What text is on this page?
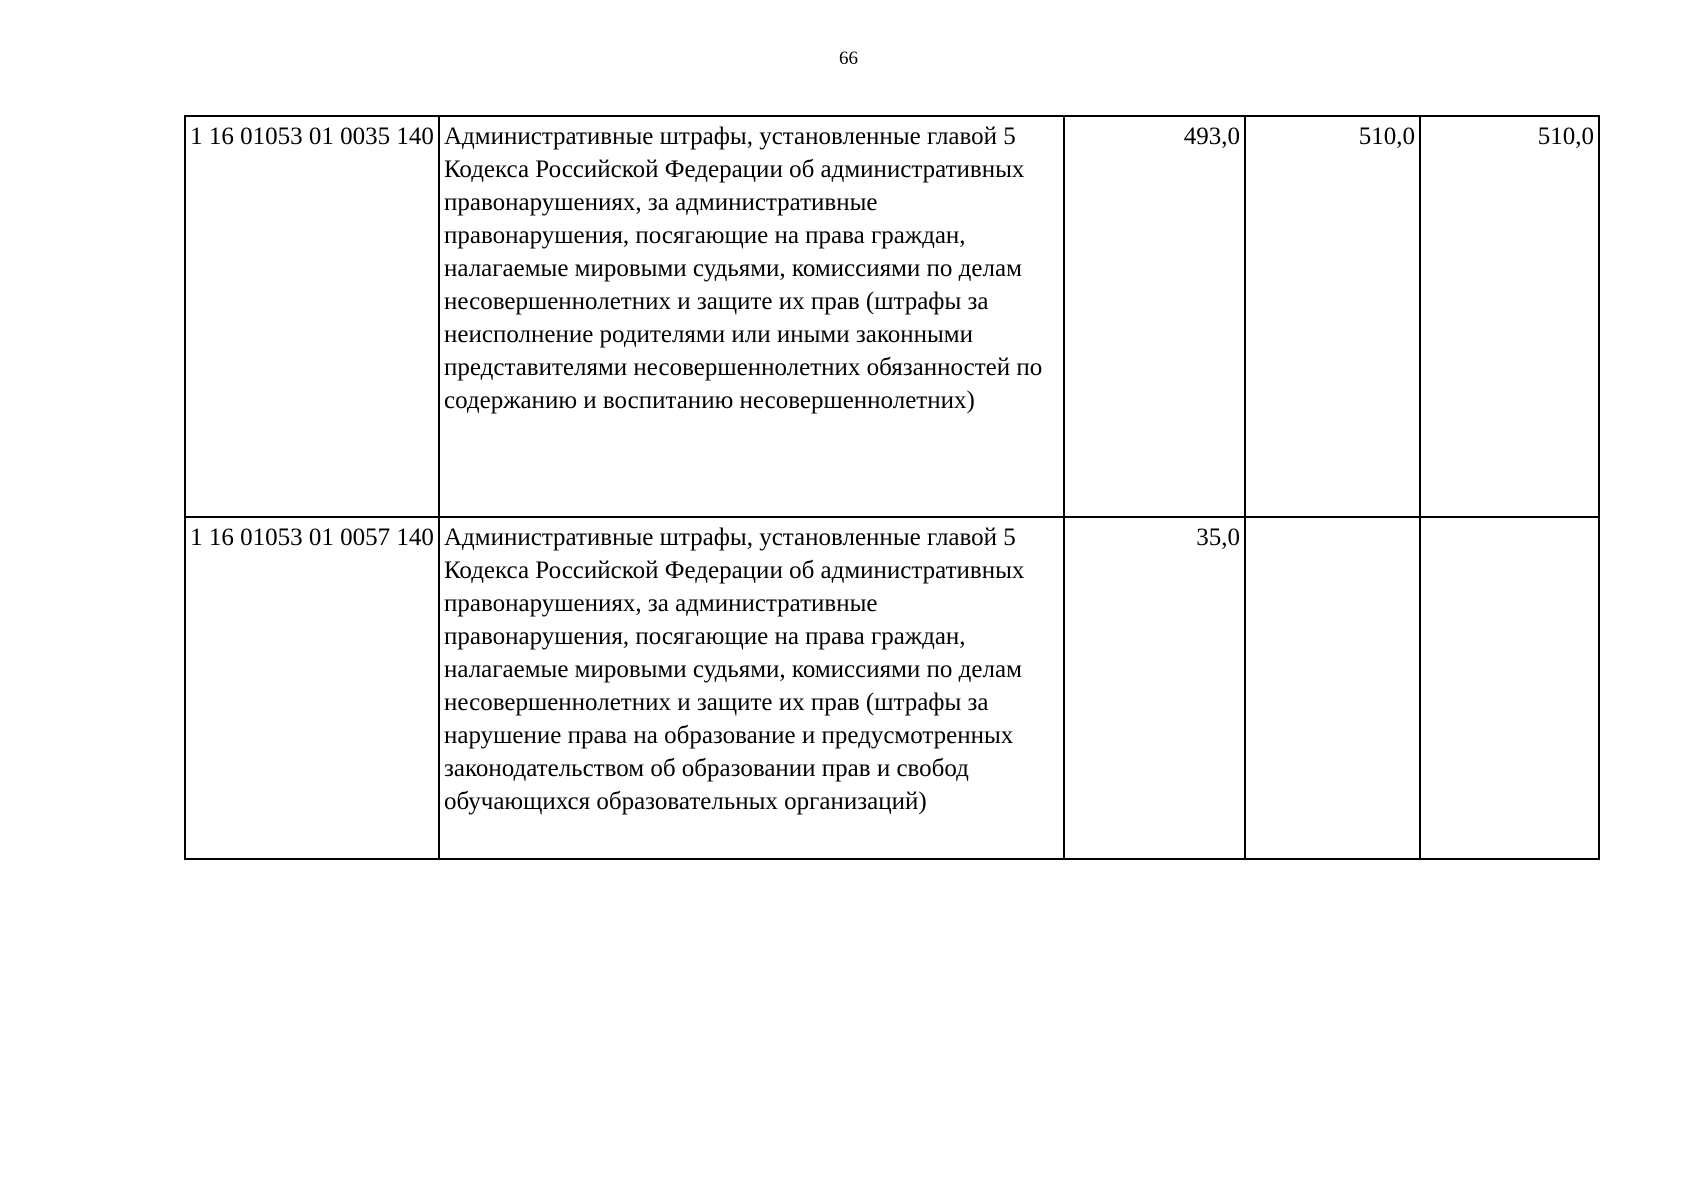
66
1 16 01053 01 0035 140	Административные штрафы, установленные главой 5 Кодекса Российской Федерации об административных правонарушениях, за административные правонарушения, посягающие на права граждан, налагаемые мировыми судьями, комиссиями по делам несовершеннолетних и защите их прав (штрафы за неисполнение родителями или иными законными представителями несовершеннолетних обязанностей по содержанию и воспитанию несовершеннолетних)	493,0	510,0	510,0
1 16 01053 01 0057 140	Административные штрафы, установленные главой 5 Кодекса Российской Федерации об административных правонарушениях, за административные правонарушения, посягающие на права граждан, налагаемые мировыми судьями, комиссиями по делам несовершеннолетних и защите их прав (штрафы за нарушение права на образование и предусмотренных законодательством об образовании прав и свобод обучающихся образовательных организаций)	35,0		
